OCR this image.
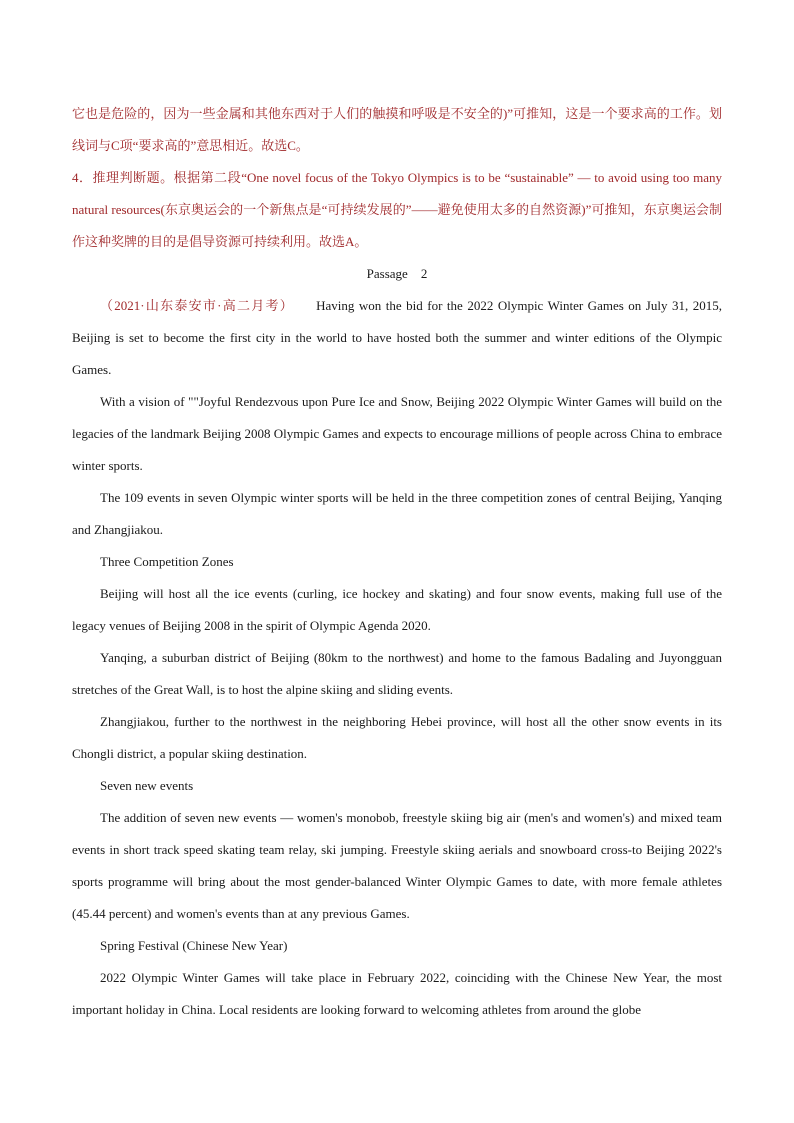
它也是危险的，因为一些金属和其他东西对于人们的触摸和呼吸是不安全的)”可推知，这是一个要求高的工作。划线词与C项“要求高的”意思相近。故选C。

4．推理判断题。根据第二段“One novel focus of the Tokyo Olympics is to be “sustainable” — to avoid using too many natural resources(东京奥运会的一个新焦点是“可持续发展的”——避免使用太多的自然资源)”可推知，东京奥运会制作这种奖牌的目的是倡导资源可持续利用。故选A。

Passage　2

（2021·山东泰安市·高二月考）　　 Having won the bid for the 2022 Olympic Winter Games on July 31, 2015, Beijing is set to become the first city in the world to have hosted both the summer and winter editions of the Olympic Games.

With a vision of ""Joyful Rendezvous upon Pure Ice and Snow, Beijing 2022 Olympic Winter Games will build on the legacies of the landmark Beijing 2008 Olympic Games and expects to encourage millions of people across China to embrace winter sports.

The 109 events in seven Olympic winter sports will be held in the three competition zones of central Beijing, Yanqing and Zhangjiakou.

Three Competition Zones

Beijing will host all the ice events (curling, ice hockey and skating) and four snow events, making full use of the legacy venues of Beijing 2008 in the spirit of Olympic Agenda 2020.

Yanqing, a suburban district of Beijing (80km to the northwest) and home to the famous Badaling and Juyongguan stretches of the Great Wall, is to host the alpine skiing and sliding events.

Zhangjiakou, further to the northwest in the neighboring Hebei province, will host all the other snow events in its Chongli district, a popular skiing destination.

Seven new events

The addition of seven new events — women's monobob, freestyle skiing big air (men's and women's) and mixed team events in short track speed skating team relay, ski jumping. Freestyle skiing aerials and snowboard cross-to Beijing 2022's sports programme will bring about the most gender-balanced Winter Olympic Games to date, with more female athletes (45.44 percent) and women's events than at any previous Games.

Spring Festival (Chinese New Year)

2022 Olympic Winter Games will take place in February 2022, coinciding with the Chinese New Year, the most important holiday in China. Local residents are looking forward to welcoming athletes from around the globe
